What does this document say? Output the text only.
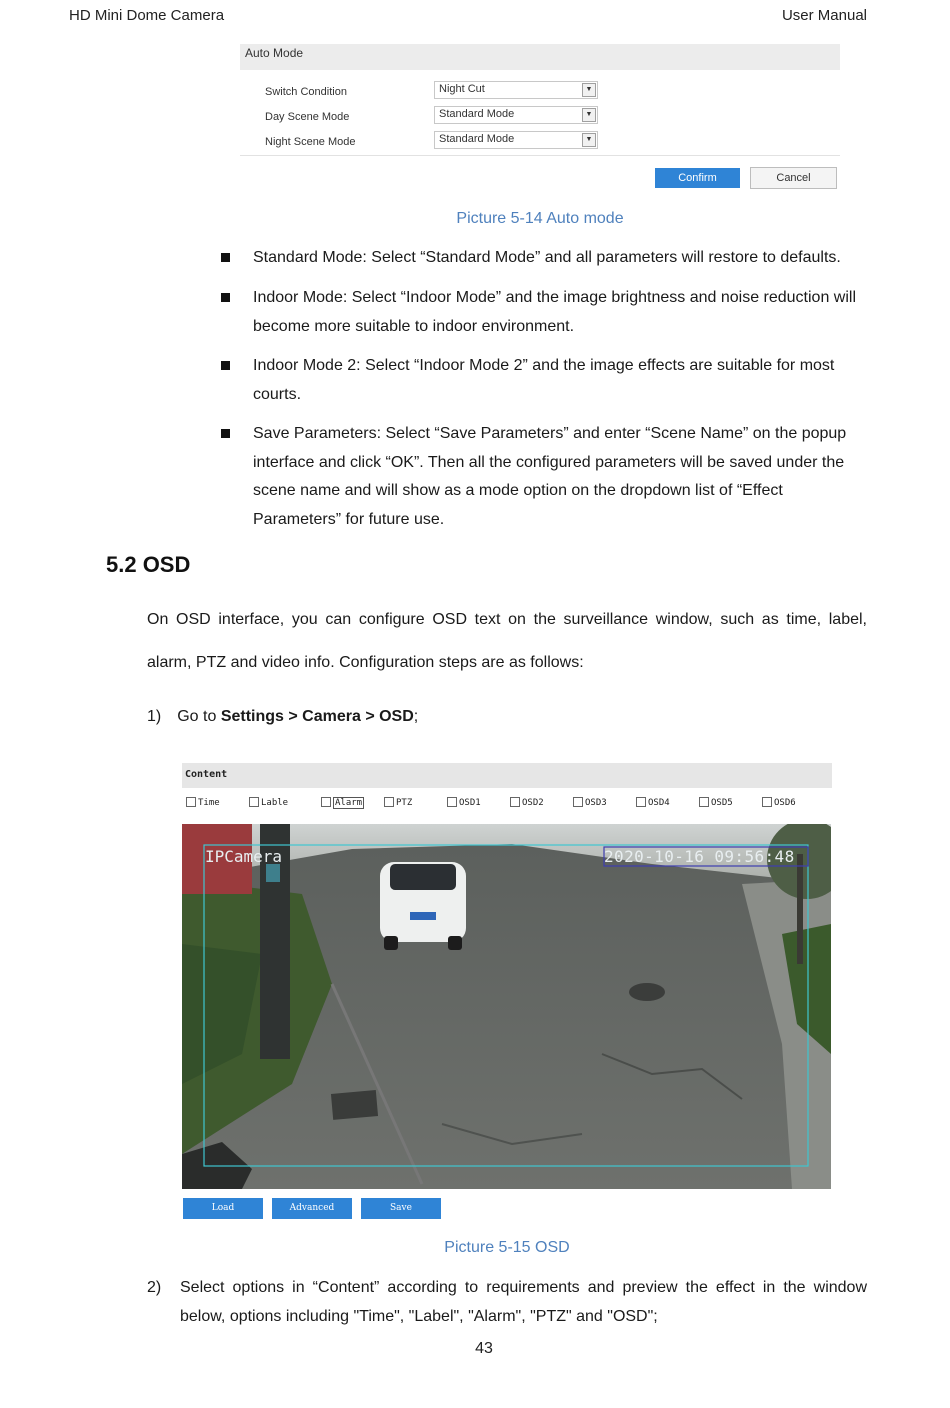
HD Mini Dome Camera	User Manual
Auto Mode
Switch Condition	Night Cut	▼
Day Scene Mode	Standard Mode	▼
Night Scene Mode	Standard Mode	▼
Confirm	Cancel
Picture 5-14 Auto mode
Standard Mode: Select “Standard Mode” and all parameters will restore to defaults.
Indoor Mode: Select “Indoor Mode” and the image brightness and noise reduction will become more suitable to indoor environment.
Indoor Mode 2: Select “Indoor Mode 2” and the image effects are suitable for most courts.
Save Parameters: Select “Save Parameters” and enter “Scene Name” on the popup interface and click “OK”. Then all the configured parameters will be saved under the scene name and will show as a mode option on the dropdown list of “Effect Parameters” for future use.
5.2 OSD
On OSD interface, you can configure OSD text on the surveillance window, such as time, label,
alarm, PTZ and video info. Configuration steps are as follows:
1) Go to Settings > Camera > OSD;
Content
Time	Lable	Alarm	PTZ	OSD1	OSD2	OSD3	OSD4	OSD5	OSD6
IPCamera	2020-10-16 09:56:48
Load	Advanced	Save
Picture 5-15 OSD
2)	Select options in “Content” according to requirements and preview the effect in the window
below, options including "Time", "Label", "Alarm", "PTZ" and "OSD";
43
